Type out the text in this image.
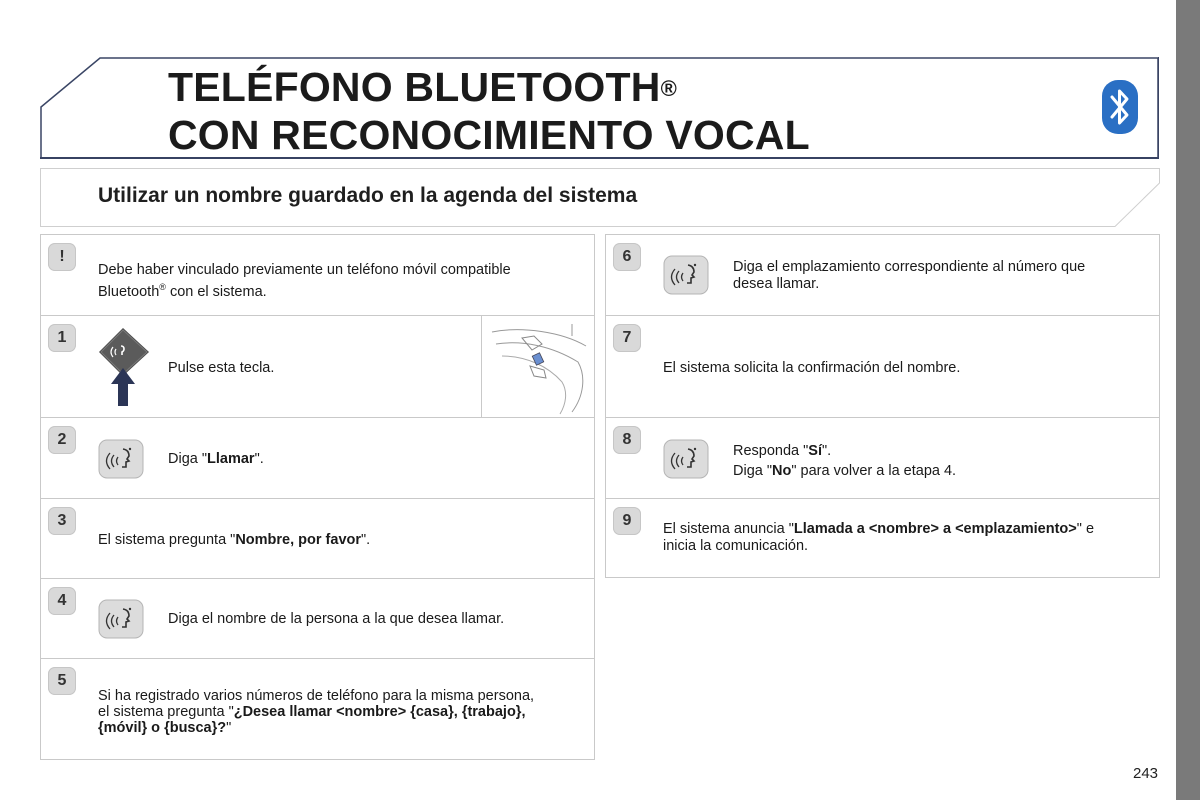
TELÉFONO BLUETOOTH®
CON RECONOCIMIENTO VOCAL
Utilizar un nombre guardado en la agenda del sistema
!
Debe haber vinculado previamente un teléfono móvil compatible
Bluetooth® con el sistema.
1
Pulse esta tecla.
2
Diga "Llamar".
3
El sistema pregunta "Nombre, por favor".
4
Diga el nombre de la persona a la que desea llamar.
5
Si ha registrado varios números de teléfono para la misma persona,
el sistema pregunta "¿Desea llamar <nombre> {casa}, {trabajo},
{móvil} o {busca}?"
6
Diga el emplazamiento correspondiente al número que
desea llamar.
7
El sistema solicita la confirmación del nombre.
8
Responda "Sí".
Diga "No" para volver a la etapa 4.
9	El sistema anuncia "Llamada a <nombre> a <emplazamiento>" e
inicia la comunicación.
243
